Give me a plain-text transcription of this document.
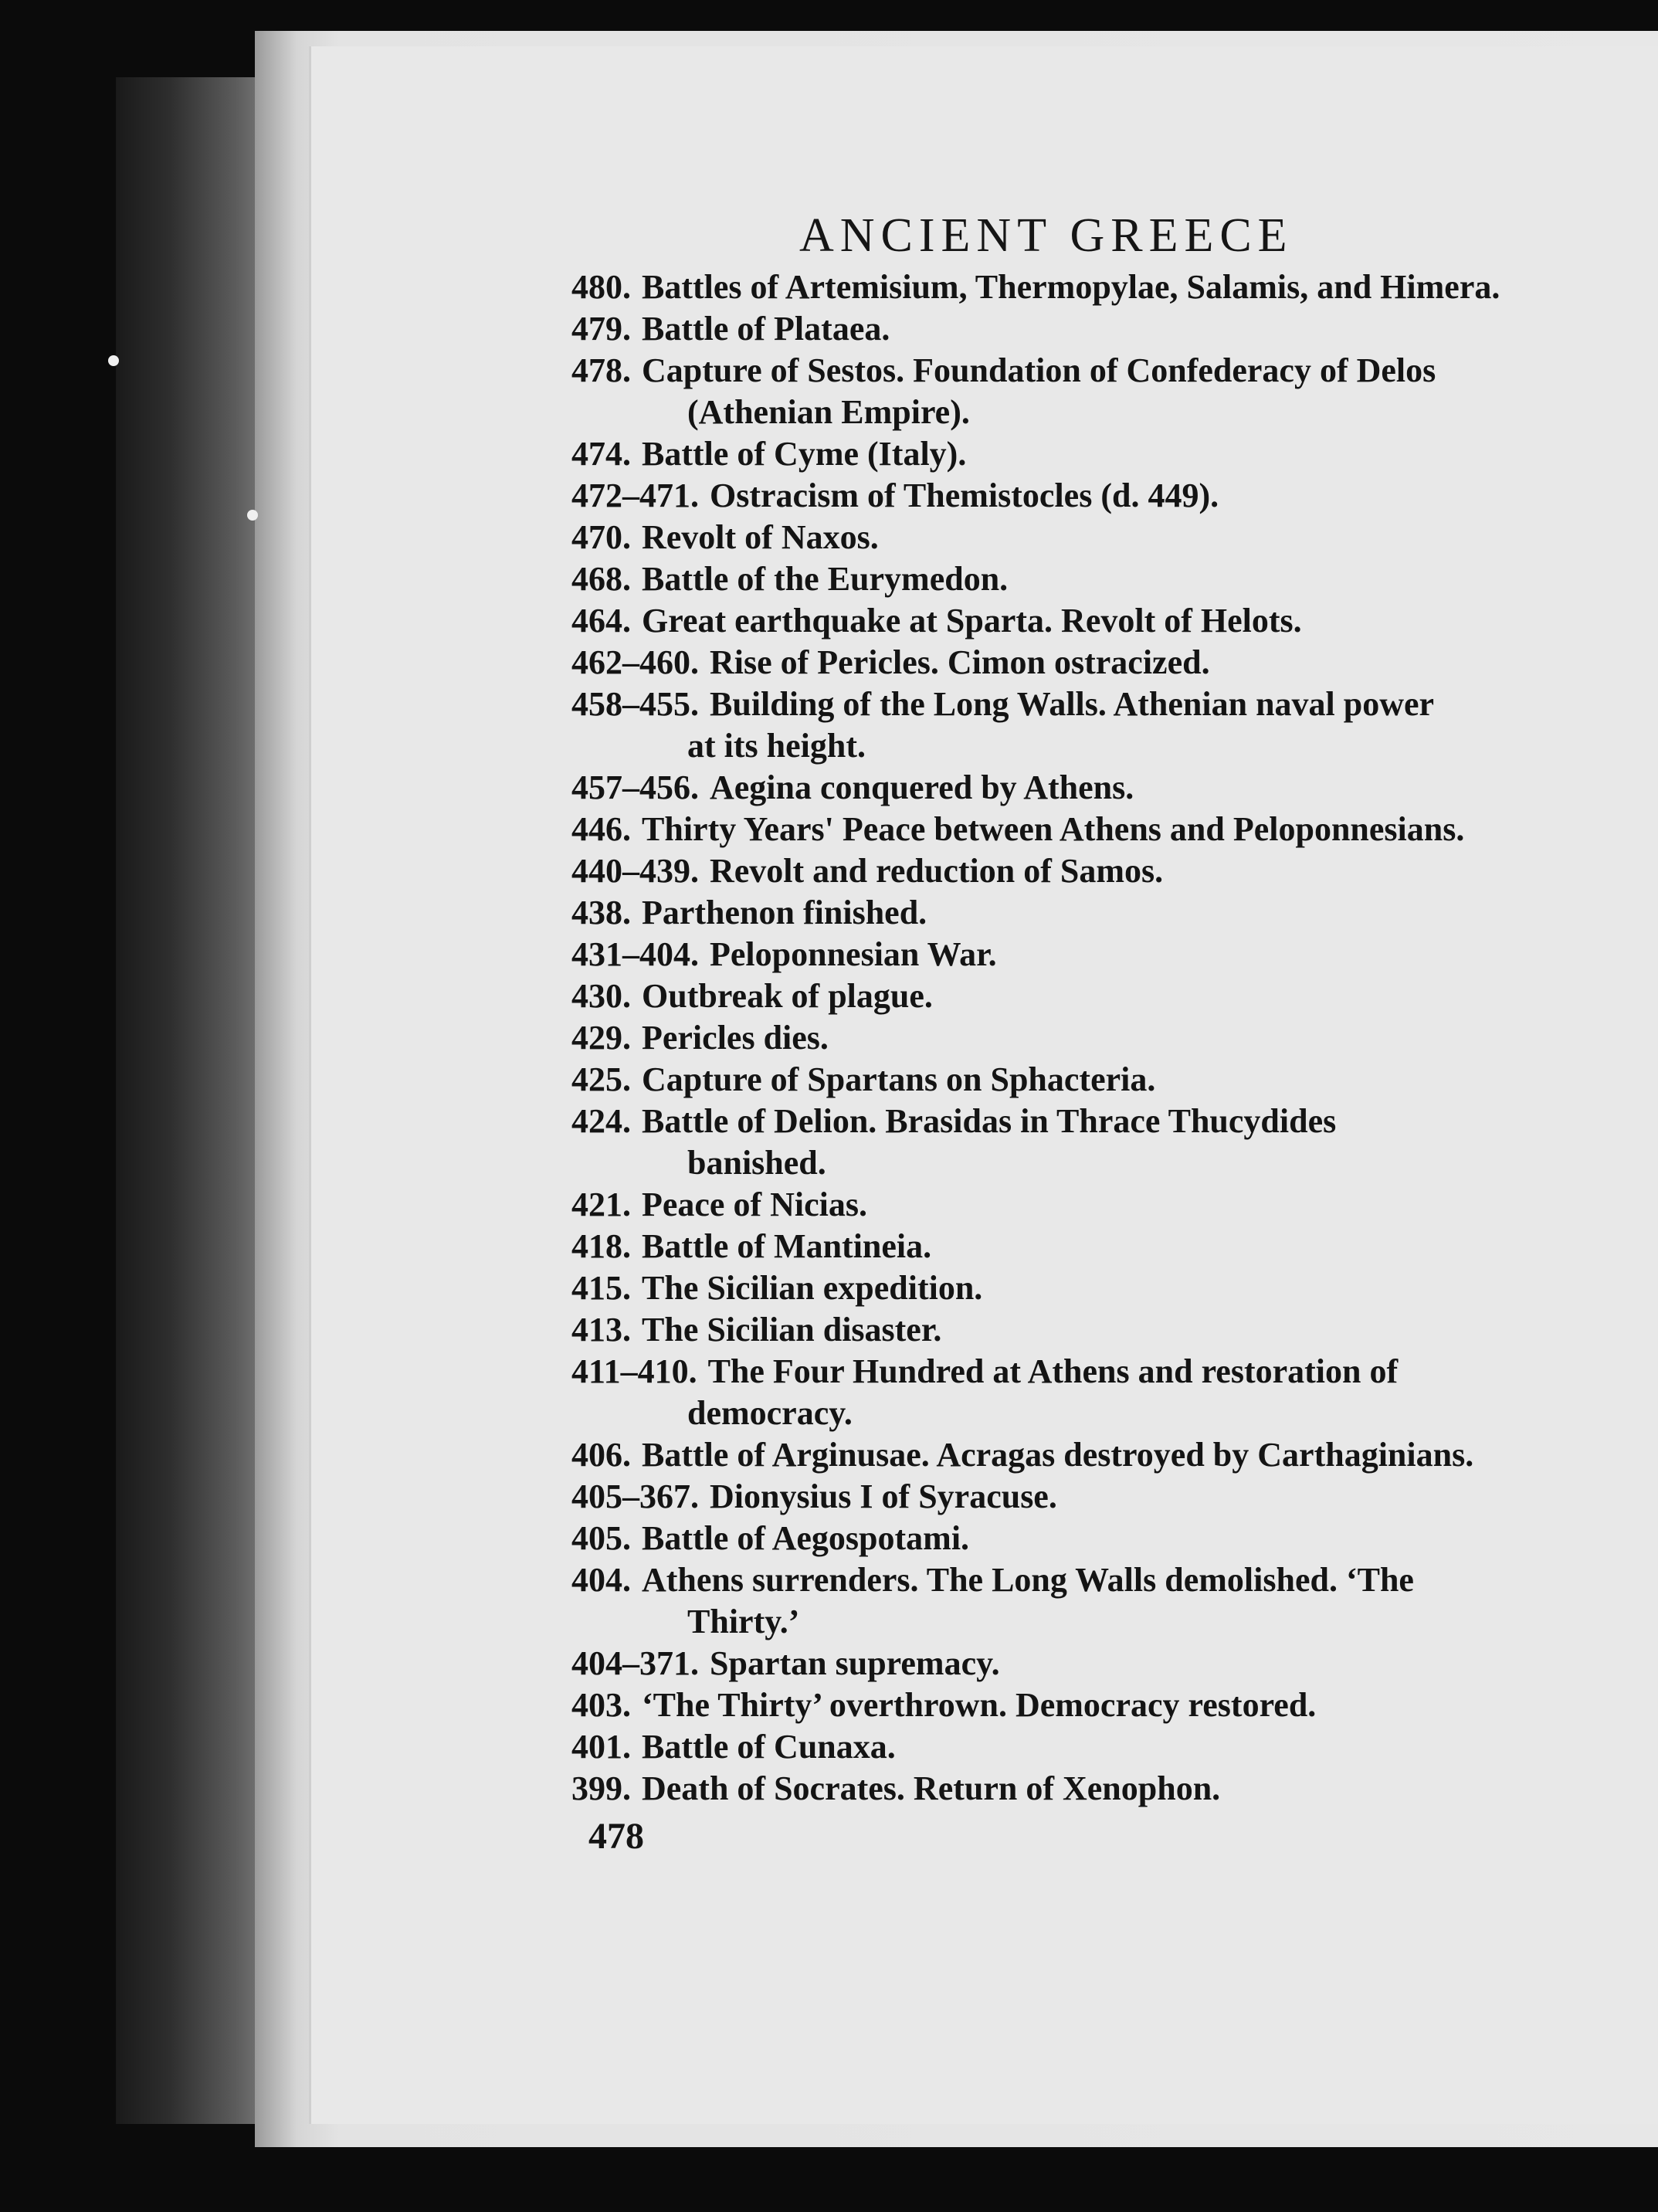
ANCIENT GREECE
480. Battles of Artemisium, Thermopylae, Salamis, and Himera.
479. Battle of Plataea.
478. Capture of Sestos. Foundation of Confederacy of Delos
(Athenian Empire).
474. Battle of Cyme (Italy).
472–471. Ostracism of Themistocles (d. 449).
470. Revolt of Naxos.
468. Battle of the Eurymedon.
464. Great earthquake at Sparta. Revolt of Helots.
462–460. Rise of Pericles. Cimon ostracized.
458–455. Building of the Long Walls. Athenian naval power
at its height.
457–456. Aegina conquered by Athens.
446. Thirty Years' Peace between Athens and Peloponnesians.
440–439. Revolt and reduction of Samos.
438. Parthenon finished.
431–404. Peloponnesian War.
430. Outbreak of plague.
429. Pericles dies.
425. Capture of Spartans on Sphacteria.
424. Battle of Delion. Brasidas in Thrace Thucydides
banished.
421. Peace of Nicias.
418. Battle of Mantineia.
415. The Sicilian expedition.
413. The Sicilian disaster.
411–410. The Four Hundred at Athens and restoration of
democracy.
406. Battle of Arginusae. Acragas destroyed by Carthaginians.
405–367. Dionysius I of Syracuse.
405. Battle of Aegospotami.
404. Athens surrenders. The Long Walls demolished. ‘The
Thirty.’
404–371. Spartan supremacy.
403. ‘The Thirty’ overthrown. Democracy restored.
401. Battle of Cunaxa.
399. Death of Socrates. Return of Xenophon.
478
